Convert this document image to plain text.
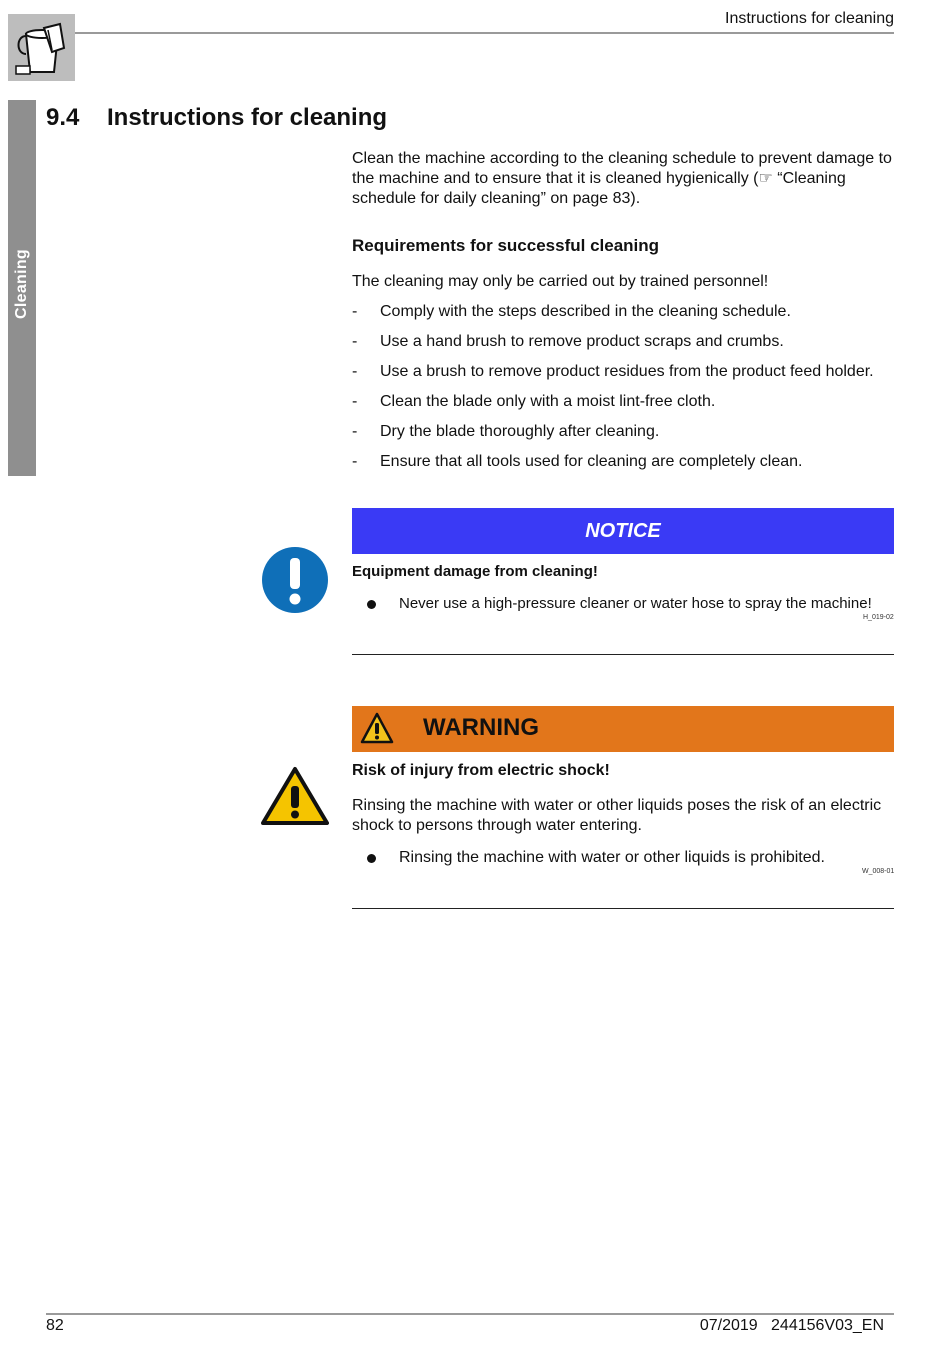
Instructions for cleaning
Cleaning
9.4 Instructions for cleaning

Clean the machine according to the cleaning schedule to prevent damage to the machine and to ensure that it is cleaned hygienically (☞ “Cleaning schedule for daily cleaning” on page 83).

Requirements for successful cleaning

The cleaning may only be carried out by trained personnel!

- Comply with the steps described in the cleaning schedule.
- Use a hand brush to remove product scraps and crumbs.
- Use a brush to remove product residues from the product feed holder.
- Clean the blade only with a moist lint-free cloth.
- Dry the blade thoroughly after cleaning.
- Ensure that all tools used for cleaning are completely clean.
NOTICE
Equipment damage from cleaning!
Never use a high-pressure cleaner or water hose to spray the machine!
H_019-02
WARNING
Risk of injury from electric shock!

Rinsing the machine with water or other liquids poses the risk of an electric shock to persons through water entering.

Rinsing the machine with water or other liquids is prohibited.
W_008-01
82	07/2019   244156V03_EN
